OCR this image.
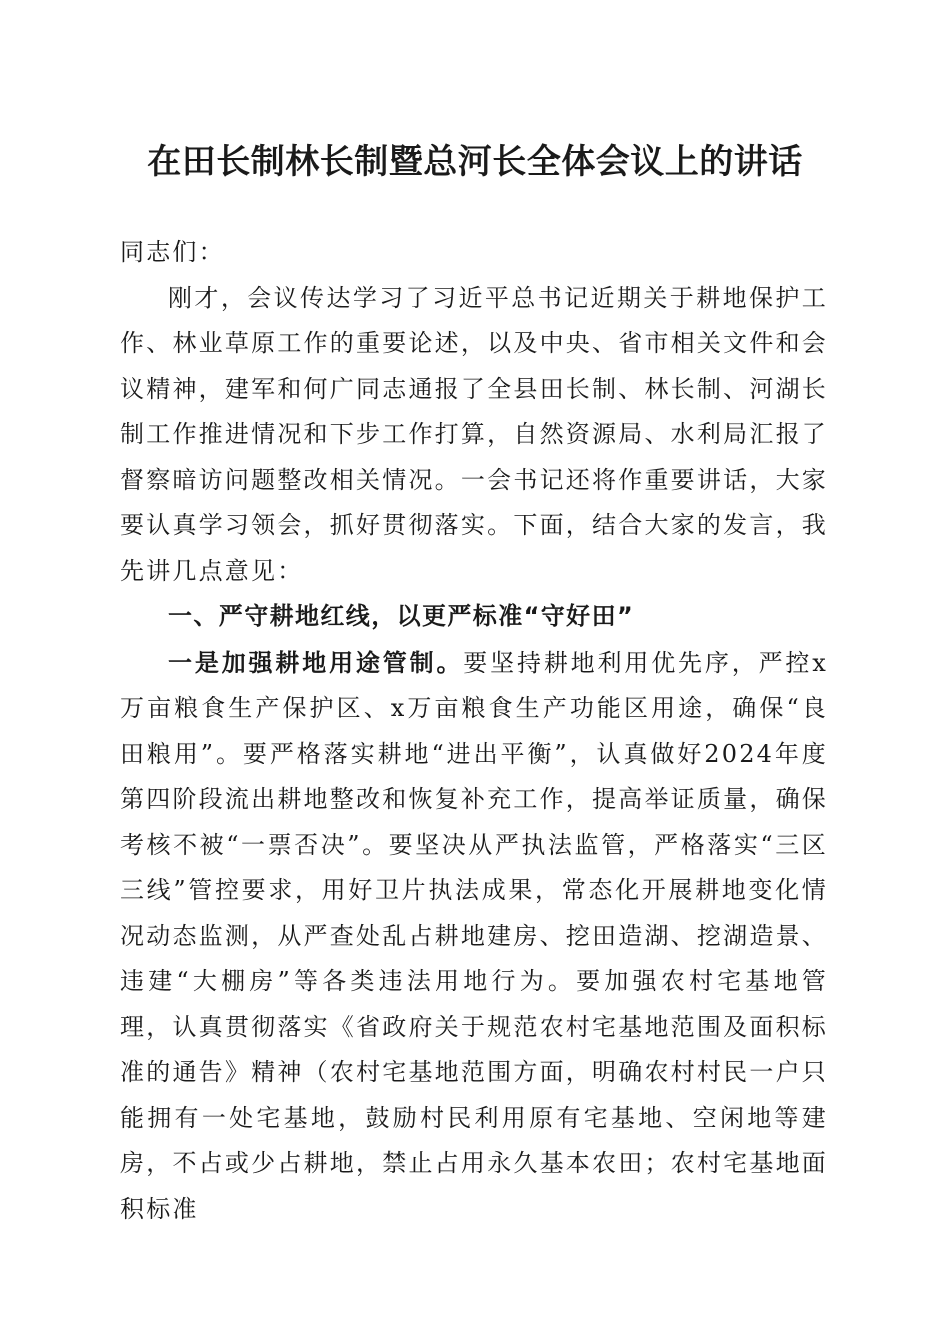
在田长制林长制暨总河长全体会议上的讲话

同志们：

刚才，会议传达学习了习近平总书记近期关于耕地保护工作、林业草原工作的重要论述，以及中央、省市相关文件和会议精神，建军和何广同志通报了全县田长制、林长制、河湖长制工作推进情况和下步工作打算，自然资源局、水利局汇报了督察暗访问题整改相关情况。一会书记还将作重要讲话，大家要认真学习领会，抓好贯彻落实。下面，结合大家的发言，我先讲几点意见：

一、严守耕地红线，以更严标准“守好田”

一是加强耕地用途管制。要坚持耕地利用优先序，严控x万亩粮食生产保护区、x万亩粮食生产功能区用途，确保“良田粮用”。要严格落实耕地“进出平衡”，认真做好2024年度第四阶段流出耕地整改和恢复补充工作，提高举证质量，确保考核不被“一票否决”。要坚决从严执法监管，严格落实“三区三线”管控要求，用好卫片执法成果，常态化开展耕地变化情况动态监测，从严查处乱占耕地建房、挖田造湖、挖湖造景、违建“大棚房”等各类违法用地行为。要加强农村宅基地管理，认真贯彻落实《省政府关于规范农村宅基地范围及面积标准的通告》精神（农村宅基地范围方面，明确农村村民一户只能拥有一处宅基地，鼓励村民利用原有宅基地、空闲地等建房，不占或少占耕地，禁止占用永久基本农田；农村宅基地面积标准
